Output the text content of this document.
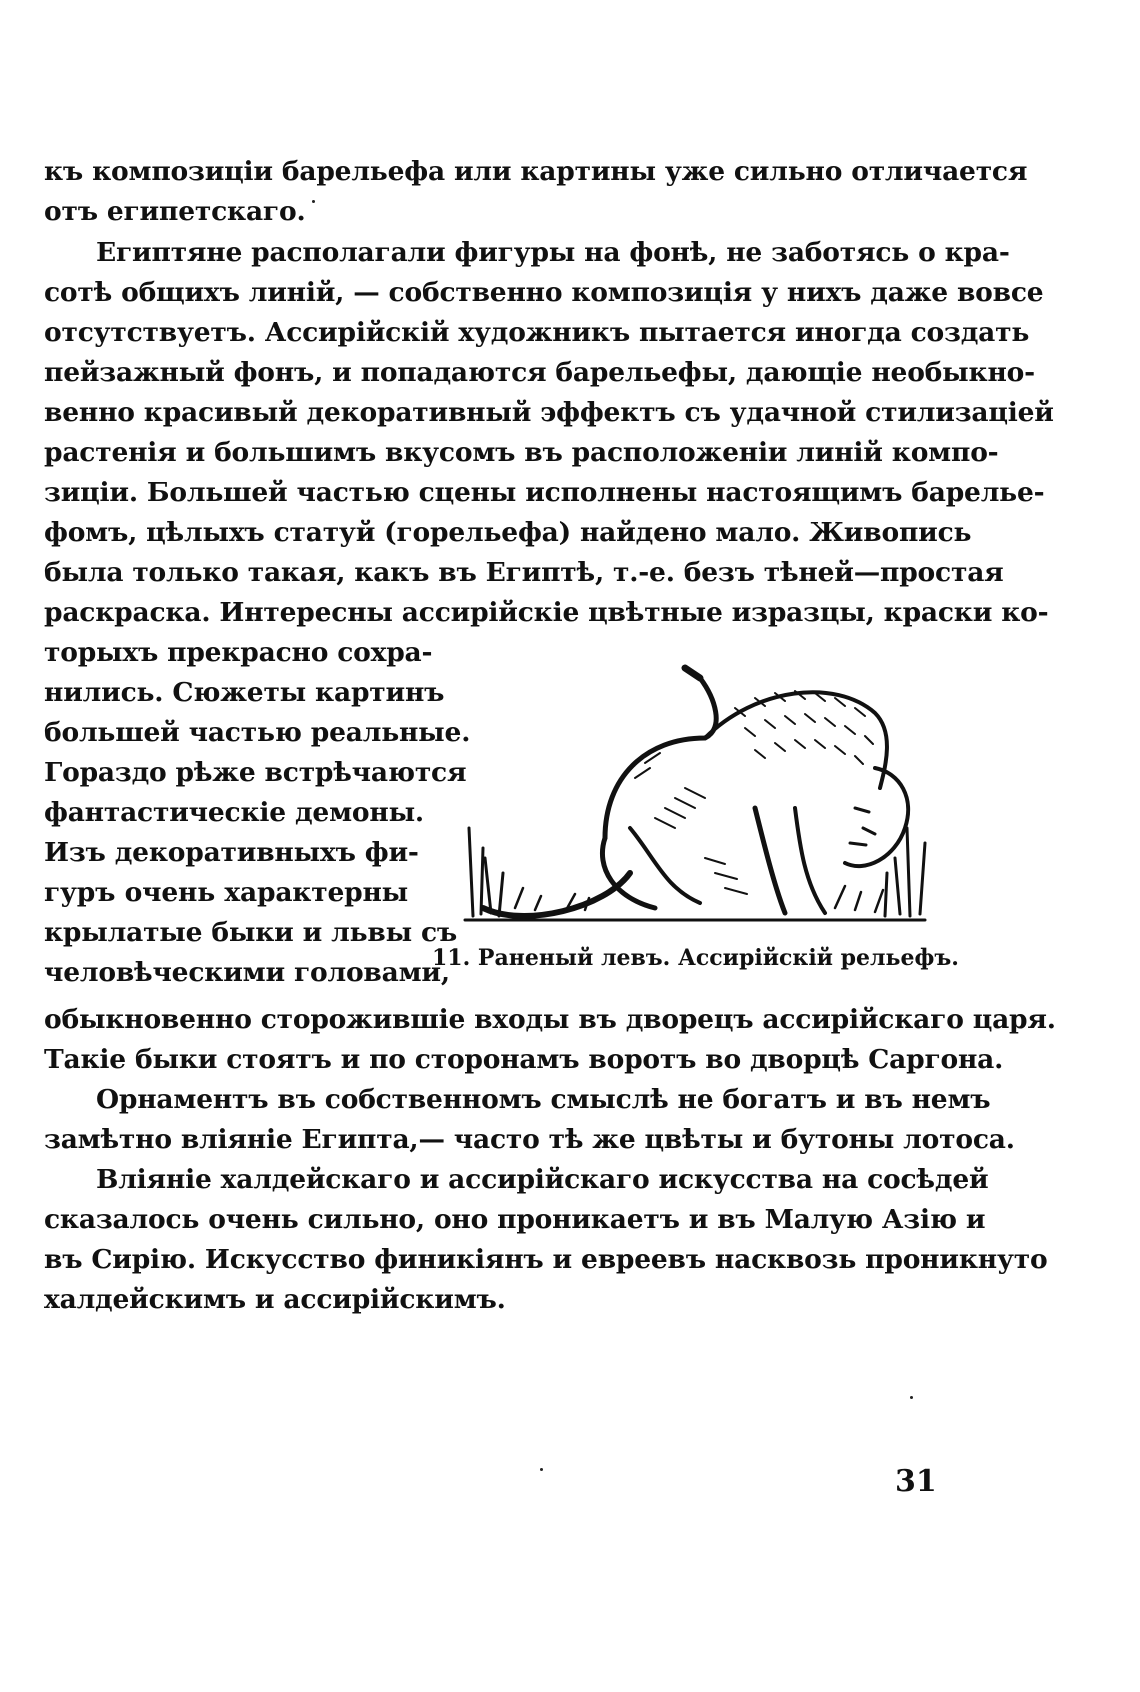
къ композиціи барельефа или картины уже сильно отличается
отъ египетскаго.
Египтяне располагали фигуры на фонѣ, не заботясь о кра-
сотѣ общихъ линій, — собственно композиція у нихъ даже вовсе
отсутствуетъ. Ассирійскій художникъ пытается иногда создать
пейзажный фонъ, и попадаются барельефы, дающіе необыкно-
венно красивый декоративный эффектъ съ удачной стилизаціей
растенія и большимъ вкусомъ въ расположеніи линій компо-
зиціи. Большей частью сцены исполнены настоящимъ барелье-
фомъ, цѣлыхъ статуй (горельефа) найдено мало. Живопись
была только такая, какъ въ Египтѣ, т.-е. безъ тѣней—простая
раскраска. Интересны ассирійскіе цвѣтные изразцы, краски ко-
торыхъ прекрасно сохра-
нились. Сюжеты картинъ
большей частью реальные.
Гораздо рѣже встрѣчаются
фантастическіе демоны.
Изъ декоративныхъ фи-
гуръ очень характерны
крылатые быки и львы съ
человѣческими головами,
11. Раненый левъ. Ассирійскій рельефъ.
обыкновенно сторожившіе входы въ дворецъ ассирійскаго царя.
Такіе быки стоятъ и по сторонамъ воротъ во дворцѣ Саргона.
Орнаментъ въ собственномъ смыслѣ не богатъ и въ немъ
замѣтно вліяніе Египта,— часто тѣ же цвѣты и бутоны лотоса.
Вліяніе халдейскаго и ассирійскаго искусства на сосѣдей
сказалось очень сильно, оно проникаетъ и въ Малую Азію и
въ Сирію. Искусство финикіянъ и евреевъ насквозь проникнуто
халдейскимъ и ассирійскимъ.
31
